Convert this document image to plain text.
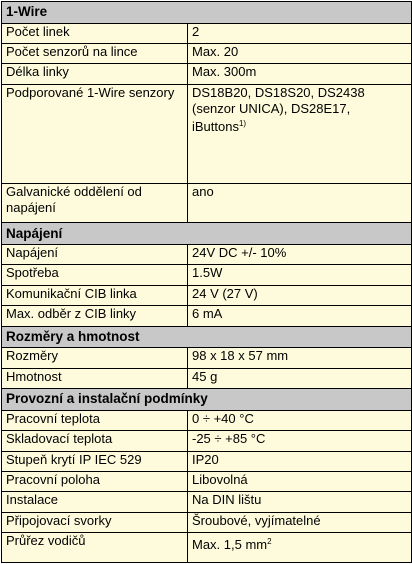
1-Wire	
Počet linek	2
Počet senzorů na lince	Max. 20
Délka linky	Max. 300m
Podporované 1-Wire senzory	DS18B20, DS18S20, DS2438 (senzor UNICA), DS28E17,
iButtons$^{1)}$
Galvanické oddělení od napájení	ano
Napájení	
Napájení	24V DC +/- 10%
Spotřeba	1.5W
Komunikační CIB linka	24 V (27 V)
Max. odběr z CIB linky	6 mA
Rozměry a hmotnost	
Rozměry	98 x 18 x 57 mm
Hmotnost	45 g
Provozní a instalační podmínky	
Pracovní teplota	0 ÷ +40 °C
Skladovací teplota	-25 ÷ +85 °C
Stupeň krytí IP IEC 529	IP20
Pracovní poloha	Libovolná
Instalace	Na DIN lištu
Připojovací svorky	Šroubové, vyjímatelné
Průřez vodičů	Max. 1,5 $mm^2$
